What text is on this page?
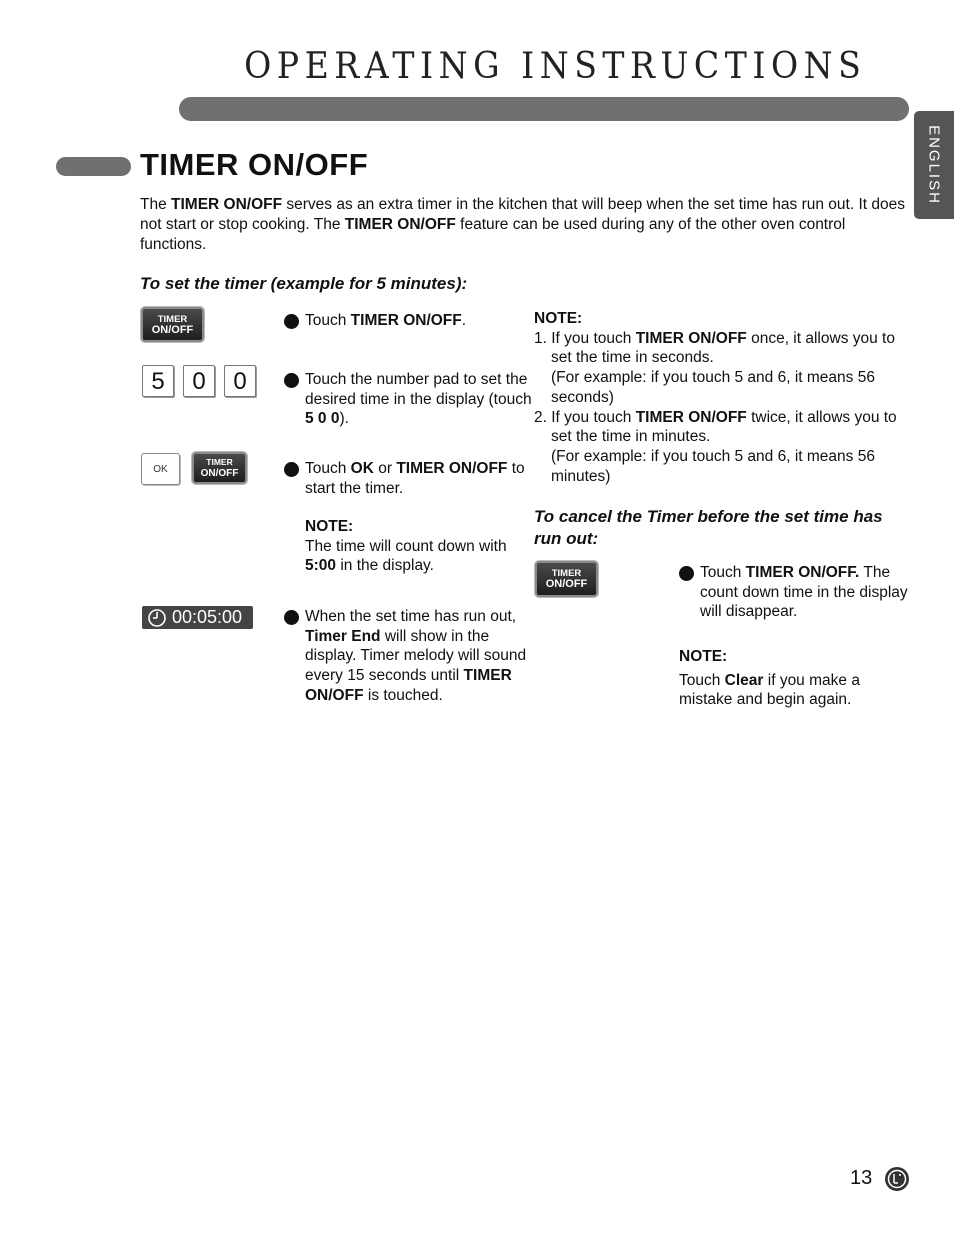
OPERATING INSTRUCTIONS
ENGLISH
TIMER ON/OFF

The TIMER ON/OFF serves as an extra timer in the kitchen that will beep when the set time has run out. It does not start or stop cooking. The TIMER ON/OFF feature can be used during any of the other oven control functions.

To set the timer (example for 5 minutes):

TIMER
ON/OFF

1 Touch TIMER ON/OFF.

5	0	0	2 Touch the number pad to set the desired time in the display (touch 5 0 0).

OK
TIMER
ON/OFF	3 Touch OK or TIMER ON/OFF to start the timer.

NOTE:
The time will count down with 5:00 in the display.

00:05:00	4 When the set time has run out, Timer End will show in the display. Timer melody will sound every 15 seconds until TIMER ON/OFF is touched.

NOTE:
1. If you touch TIMER ON/OFF once, it allows you to set the time in seconds.
(For example: if you touch 5 and 6, it means 56 seconds)
2. If you touch TIMER ON/OFF twice, it allows you to set the time in minutes.
(For example: if you touch 5 and 6, it means 56 minutes)

To cancel the Timer before the set time has run out:

TIMER
ON/OFF

1 Touch TIMER ON/OFF. The count down time in the display will disappear.

NOTE:
Touch Clear if you make a mistake and begin again.

13
